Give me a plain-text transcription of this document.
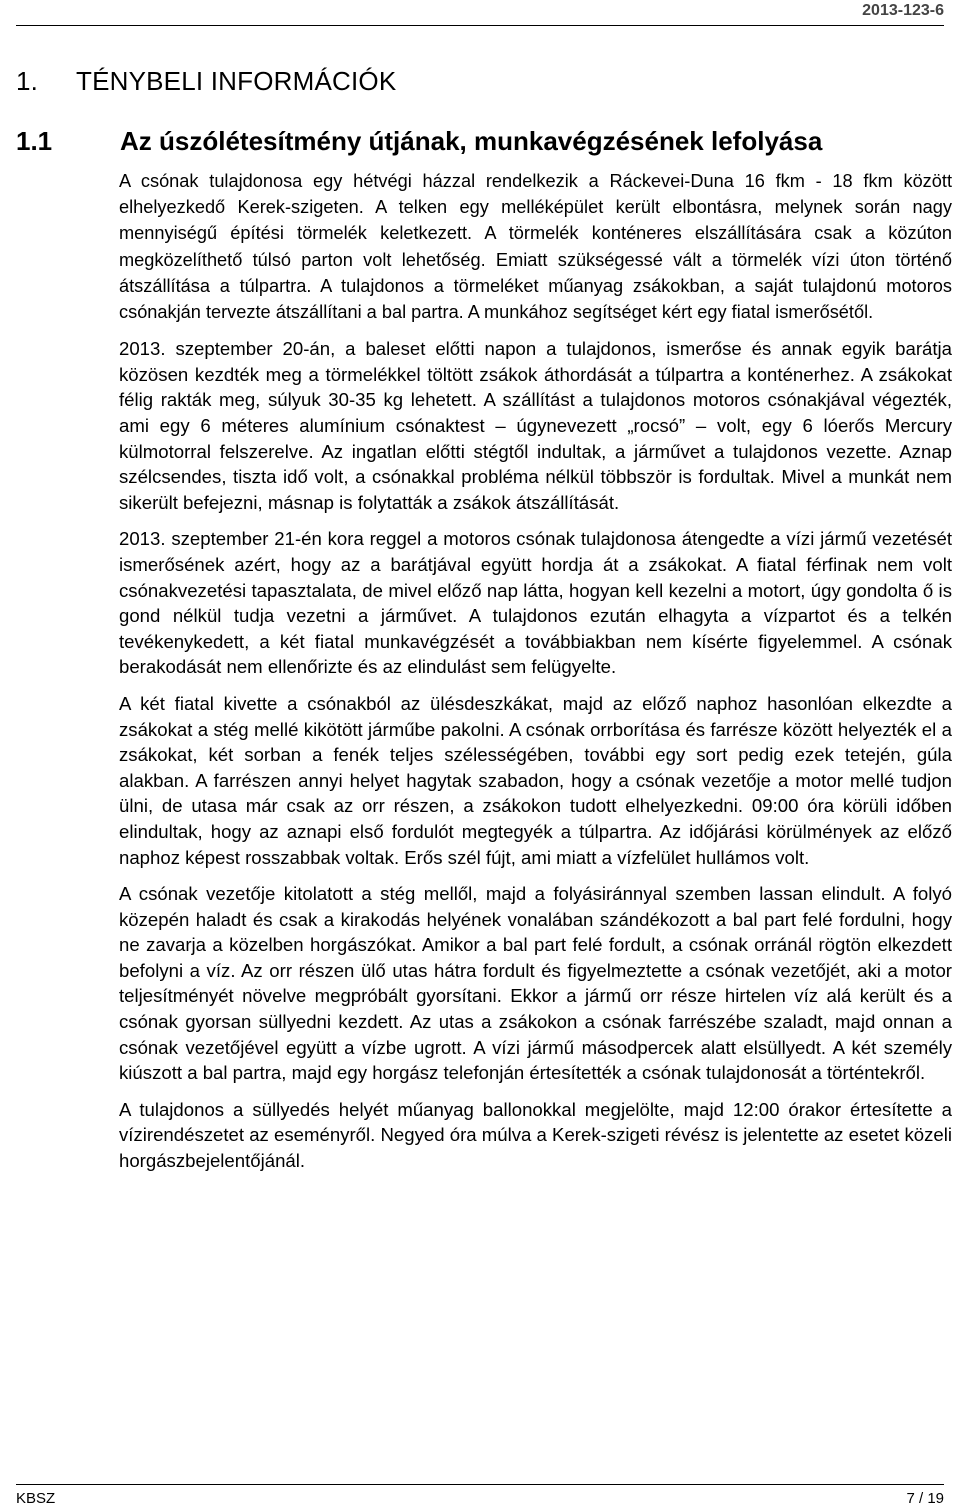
2013-123-6
1. TÉNYBELI INFORMÁCIÓK
1.1	Az úszólétesítmény útjának, munkavégzésének lefolyása

A csónak tulajdonosa egy hétvégi házzal rendelkezik a Ráckevei-Duna 16 fkm - 18 fkm között elhelyezkedő Kerek-szigeten. A telken egy melléképület került elbontásra, melynek során nagy mennyiségű építési törmelék keletkezett. A törmelék konténeres elszállítására csak a közúton megközelíthető túlsó parton volt lehetőség. Emiatt szükségessé vált a törmelék vízi úton történő átszállítása a túlpartra. A tulajdonos a törmeléket műanyag zsákokban, a saját tulajdonú motoros csónakján tervezte átszállítani a bal partra. A munkához segítséget kért egy fiatal ismerősétől.

2013. szeptember 20-án, a baleset előtti napon a tulajdonos, ismerőse és annak egyik barátja közösen kezdték meg a törmelékkel töltött zsákok áthordását a túlpartra a konténerhez. A zsákokat félig rakták meg, súlyuk 30-35 kg lehetett. A szállítást a tulajdonos motoros csónakjával végezték, ami egy 6 méteres alumínium csónaktest – úgynevezett „rocsó” – volt, egy 6 lóerős Mercury külmotorral felszerelve. Az ingatlan előtti stégtől indultak, a járművet a tulajdonos vezette. Aznap szélcsendes, tiszta idő volt, a csónakkal probléma nélkül többször is fordultak. Mivel a munkát nem sikerült befejezni, másnap is folytatták a zsákok átszállítását.

2013. szeptember 21-én kora reggel a motoros csónak tulajdonosa átengedte a vízi jármű vezetését ismerősének azért, hogy az a barátjával együtt hordja át a zsákokat. A fiatal férfinak nem volt csónakvezetési tapasztalata, de mivel előző nap látta, hogyan kell kezelni a motort, úgy gondolta ő is gond nélkül tudja vezetni a járművet. A tulajdonos ezután elhagyta a vízpartot és a telkén tevékenykedett, a két fiatal munkavégzését a továbbiakban nem kísérte figyelemmel. A csónak berakodását nem ellenőrizte és az elindulást sem felügyelte.

A két fiatal kivette a csónakból az ülésdeszkákat, majd az előző naphoz hasonlóan elkezdte a zsákokat a stég mellé kikötött járműbe pakolni. A csónak orrborítása és farrésze között helyezték el a zsákokat, két sorban a fenék teljes szélességében, további egy sort pedig ezek tetején, gúla alakban. A farrészen annyi helyet hagytak szabadon, hogy a csónak vezetője a motor mellé tudjon ülni, de utasa már csak az orr részen, a zsákokon tudott elhelyezkedni. 09:00 óra körüli időben elindultak, hogy az aznapi első fordulót megtegyék a túlpartra. Az időjárási körülmények az előző naphoz képest rosszabbak voltak. Erős szél fújt, ami miatt a vízfelület hullámos volt.

A csónak vezetője kitolatott a stég mellől, majd a folyásiránnyal szemben lassan elindult. A folyó közepén haladt és csak a kirakodás helyének vonalában szándékozott a bal part felé fordulni, hogy ne zavarja a közelben horgászókat. Amikor a bal part felé fordult, a csónak orránál rögtön elkezdett befolyni a víz. Az orr részen ülő utas hátra fordult és figyelmeztette a csónak vezetőjét, aki a motor teljesítményét növelve megpróbált gyorsítani. Ekkor a jármű orr része hirtelen víz alá került és a csónak gyorsan süllyedni kezdett. Az utas a zsákokon a csónak farrészébe szaladt, majd onnan a csónak vezetőjével együtt a vízbe ugrott. A vízi jármű másodpercek alatt elsüllyedt. A két személy kiúszott a bal partra, majd egy horgász telefonján értesítették a csónak tulajdonosát a történtekről.

A tulajdonos a süllyedés helyét műanyag ballonokkal megjelölte, majd 12:00 órakor értesítette a vízirendészetet az eseményről. Negyed óra múlva a Kerek-szigeti révész is jelentette az esetet közeli horgászbejelentőjánál.

KBSZ	7 / 19
